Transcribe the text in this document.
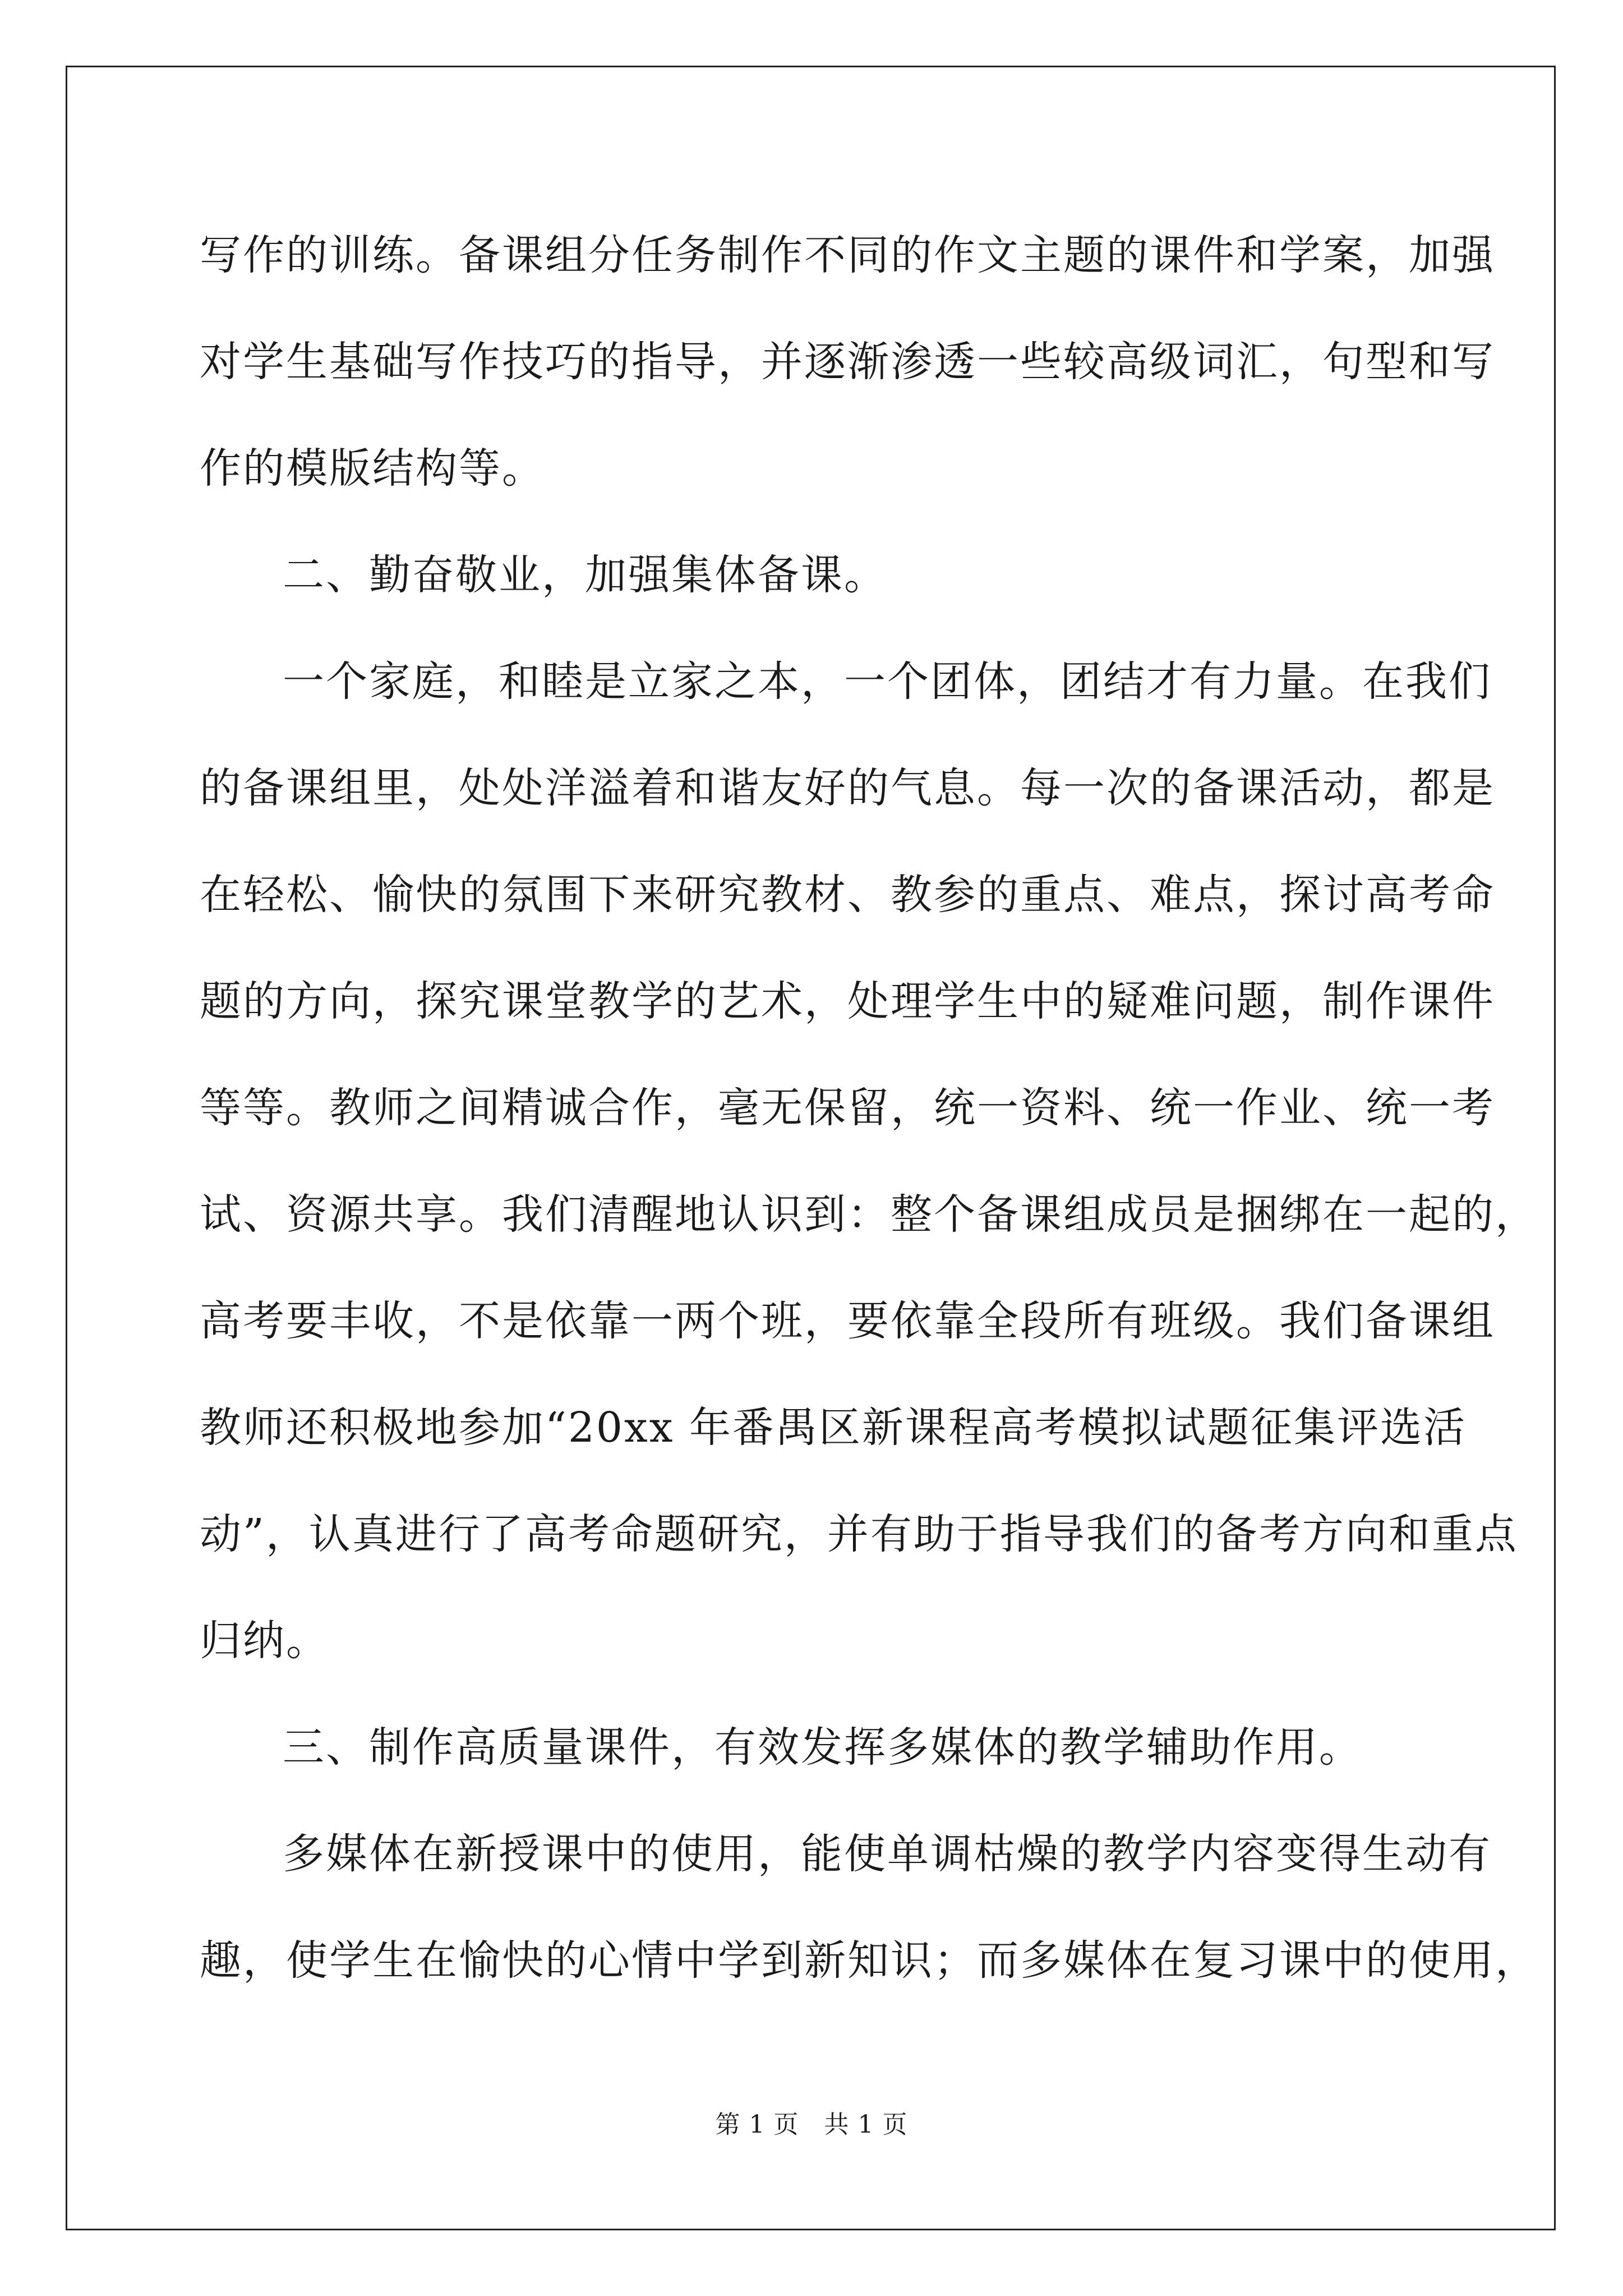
写作的训练。备课组分任务制作不同的作文主题的课件和学案，加强
对学生基础写作技巧的指导，并逐渐渗透一些较高级词汇，句型和写
作的模版结构等。
二、勤奋敬业，加强集体备课。
一个家庭，和睦是立家之本，一个团体，团结才有力量。在我们
的备课组里，处处洋溢着和谐友好的气息。每一次的备课活动，都是
在轻松、愉快的氛围下来研究教材、教参的重点、难点，探讨高考命
题的方向，探究课堂教学的艺术，处理学生中的疑难问题，制作课件
等等。教师之间精诚合作，毫无保留，统一资料、统一作业、统一考
试、资源共享。我们清醒地认识到：整个备课组成员是捆绑在一起的，
高考要丰收，不是依靠一两个班，要依靠全段所有班级。我们备课组
教师还积极地参加“20xx 年番禺区新课程高考模拟试题征集评选活
动”，认真进行了高考命题研究，并有助于指导我们的备考方向和重点
归纳。
三、制作高质量课件，有效发挥多媒体的教学辅助作用。
多媒体在新授课中的使用，能使单调枯燥的教学内容变得生动有
趣，使学生在愉快的心情中学到新知识；而多媒体在复习课中的使用，
第 1 页　共 1 页
